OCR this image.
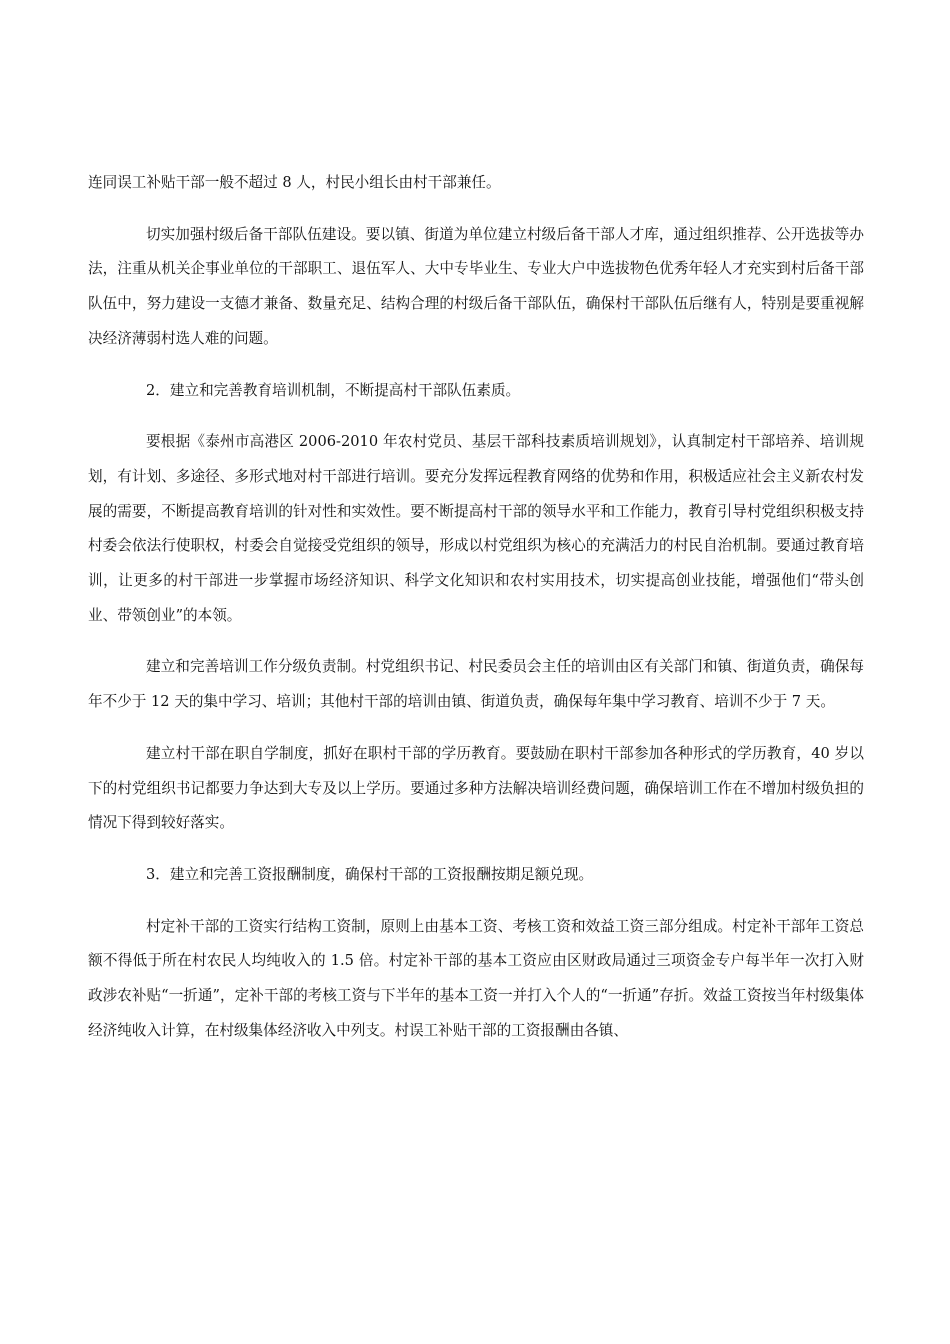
连同误工补贴干部一般不超过 8 人，村民小组长由村干部兼任。

切实加强村级后备干部队伍建设。要以镇、街道为单位建立村级后备干部人才库，通过组织推荐、公开选拔等办法，注重从机关企事业单位的干部职工、退伍军人、大中专毕业生、专业大户中选拔物色优秀年轻人才充实到村后备干部队伍中，努力建设一支德才兼备、数量充足、结构合理的村级后备干部队伍，确保村干部队伍后继有人，特别是要重视解决经济薄弱村选人难的问题。

2．建立和完善教育培训机制，不断提高村干部队伍素质。

要根据《泰州市高港区 2006-2010 年农村党员、基层干部科技素质培训规划》，认真制定村干部培养、培训规划，有计划、多途径、多形式地对村干部进行培训。要充分发挥远程教育网络的优势和作用，积极适应社会主义新农村发展的需要，不断提高教育培训的针对性和实效性。要不断提高村干部的领导水平和工作能力，教育引导村党组织积极支持村委会依法行使职权，村委会自觉接受党组织的领导，形成以村党组织为核心的充满活力的村民自治机制。要通过教育培训，让更多的村干部进一步掌握市场经济知识、科学文化知识和农村实用技术，切实提高创业技能，增强他们“带头创业、带领创业”的本领。

建立和完善培训工作分级负责制。村党组织书记、村民委员会主任的培训由区有关部门和镇、街道负责，确保每年不少于 12 天的集中学习、培训；其他村干部的培训由镇、街道负责，确保每年集中学习教育、培训不少于 7 天。

建立村干部在职自学制度，抓好在职村干部的学历教育。要鼓励在职村干部参加各种形式的学历教育，40 岁以下的村党组织书记都要力争达到大专及以上学历。要通过多种方法解决培训经费问题，确保培训工作在不增加村级负担的情况下得到较好落实。

3．建立和完善工资报酬制度，确保村干部的工资报酬按期足额兑现。

村定补干部的工资实行结构工资制，原则上由基本工资、考核工资和效益工资三部分组成。村定补干部年工资总额不得低于所在村农民人均纯收入的 1.5 倍。村定补干部的基本工资应由区财政局通过三项资金专户每半年一次打入财政涉农补贴“一折通”，定补干部的考核工资与下半年的基本工资一并打入个人的“一折通”存折。效益工资按当年村级集体经济纯收入计算，在村级集体经济收入中列支。村误工补贴干部的工资报酬由各镇、
